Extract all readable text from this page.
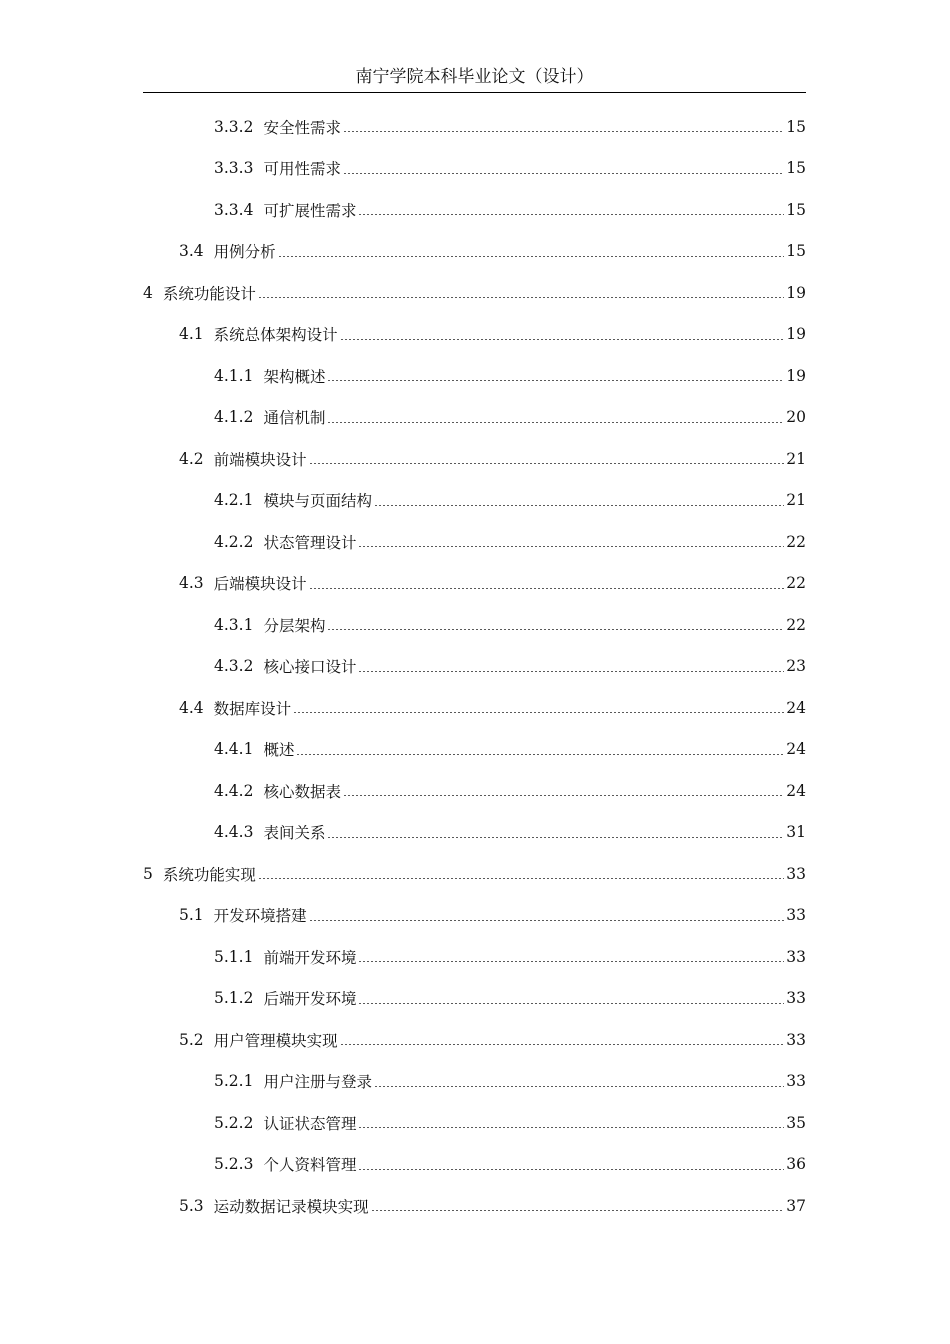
南宁学院本科毕业论文（设计）
3.3.2 安全性需求	15
3.3.3 可用性需求	15
3.3.4 可扩展性需求	15
3.4 用例分析	15
4 系统功能设计	19
4.1 系统总体架构设计	19
4.1.1 架构概述	19
4.1.2 通信机制	20
4.2 前端模块设计	21
4.2.1 模块与页面结构	21
4.2.2 状态管理设计	22
4.3 后端模块设计	22
4.3.1 分层架构	22
4.3.2 核心接口设计	23
4.4 数据库设计	24
4.4.1 概述	24
4.4.2 核心数据表	24
4.4.3 表间关系	31
5 系统功能实现	33
5.1 开发环境搭建	33
5.1.1 前端开发环境	33
5.1.2 后端开发环境	33
5.2 用户管理模块实现	33
5.2.1 用户注册与登录	33
5.2.2 认证状态管理	35
5.2.3 个人资料管理	36
5.3 运动数据记录模块实现	37
